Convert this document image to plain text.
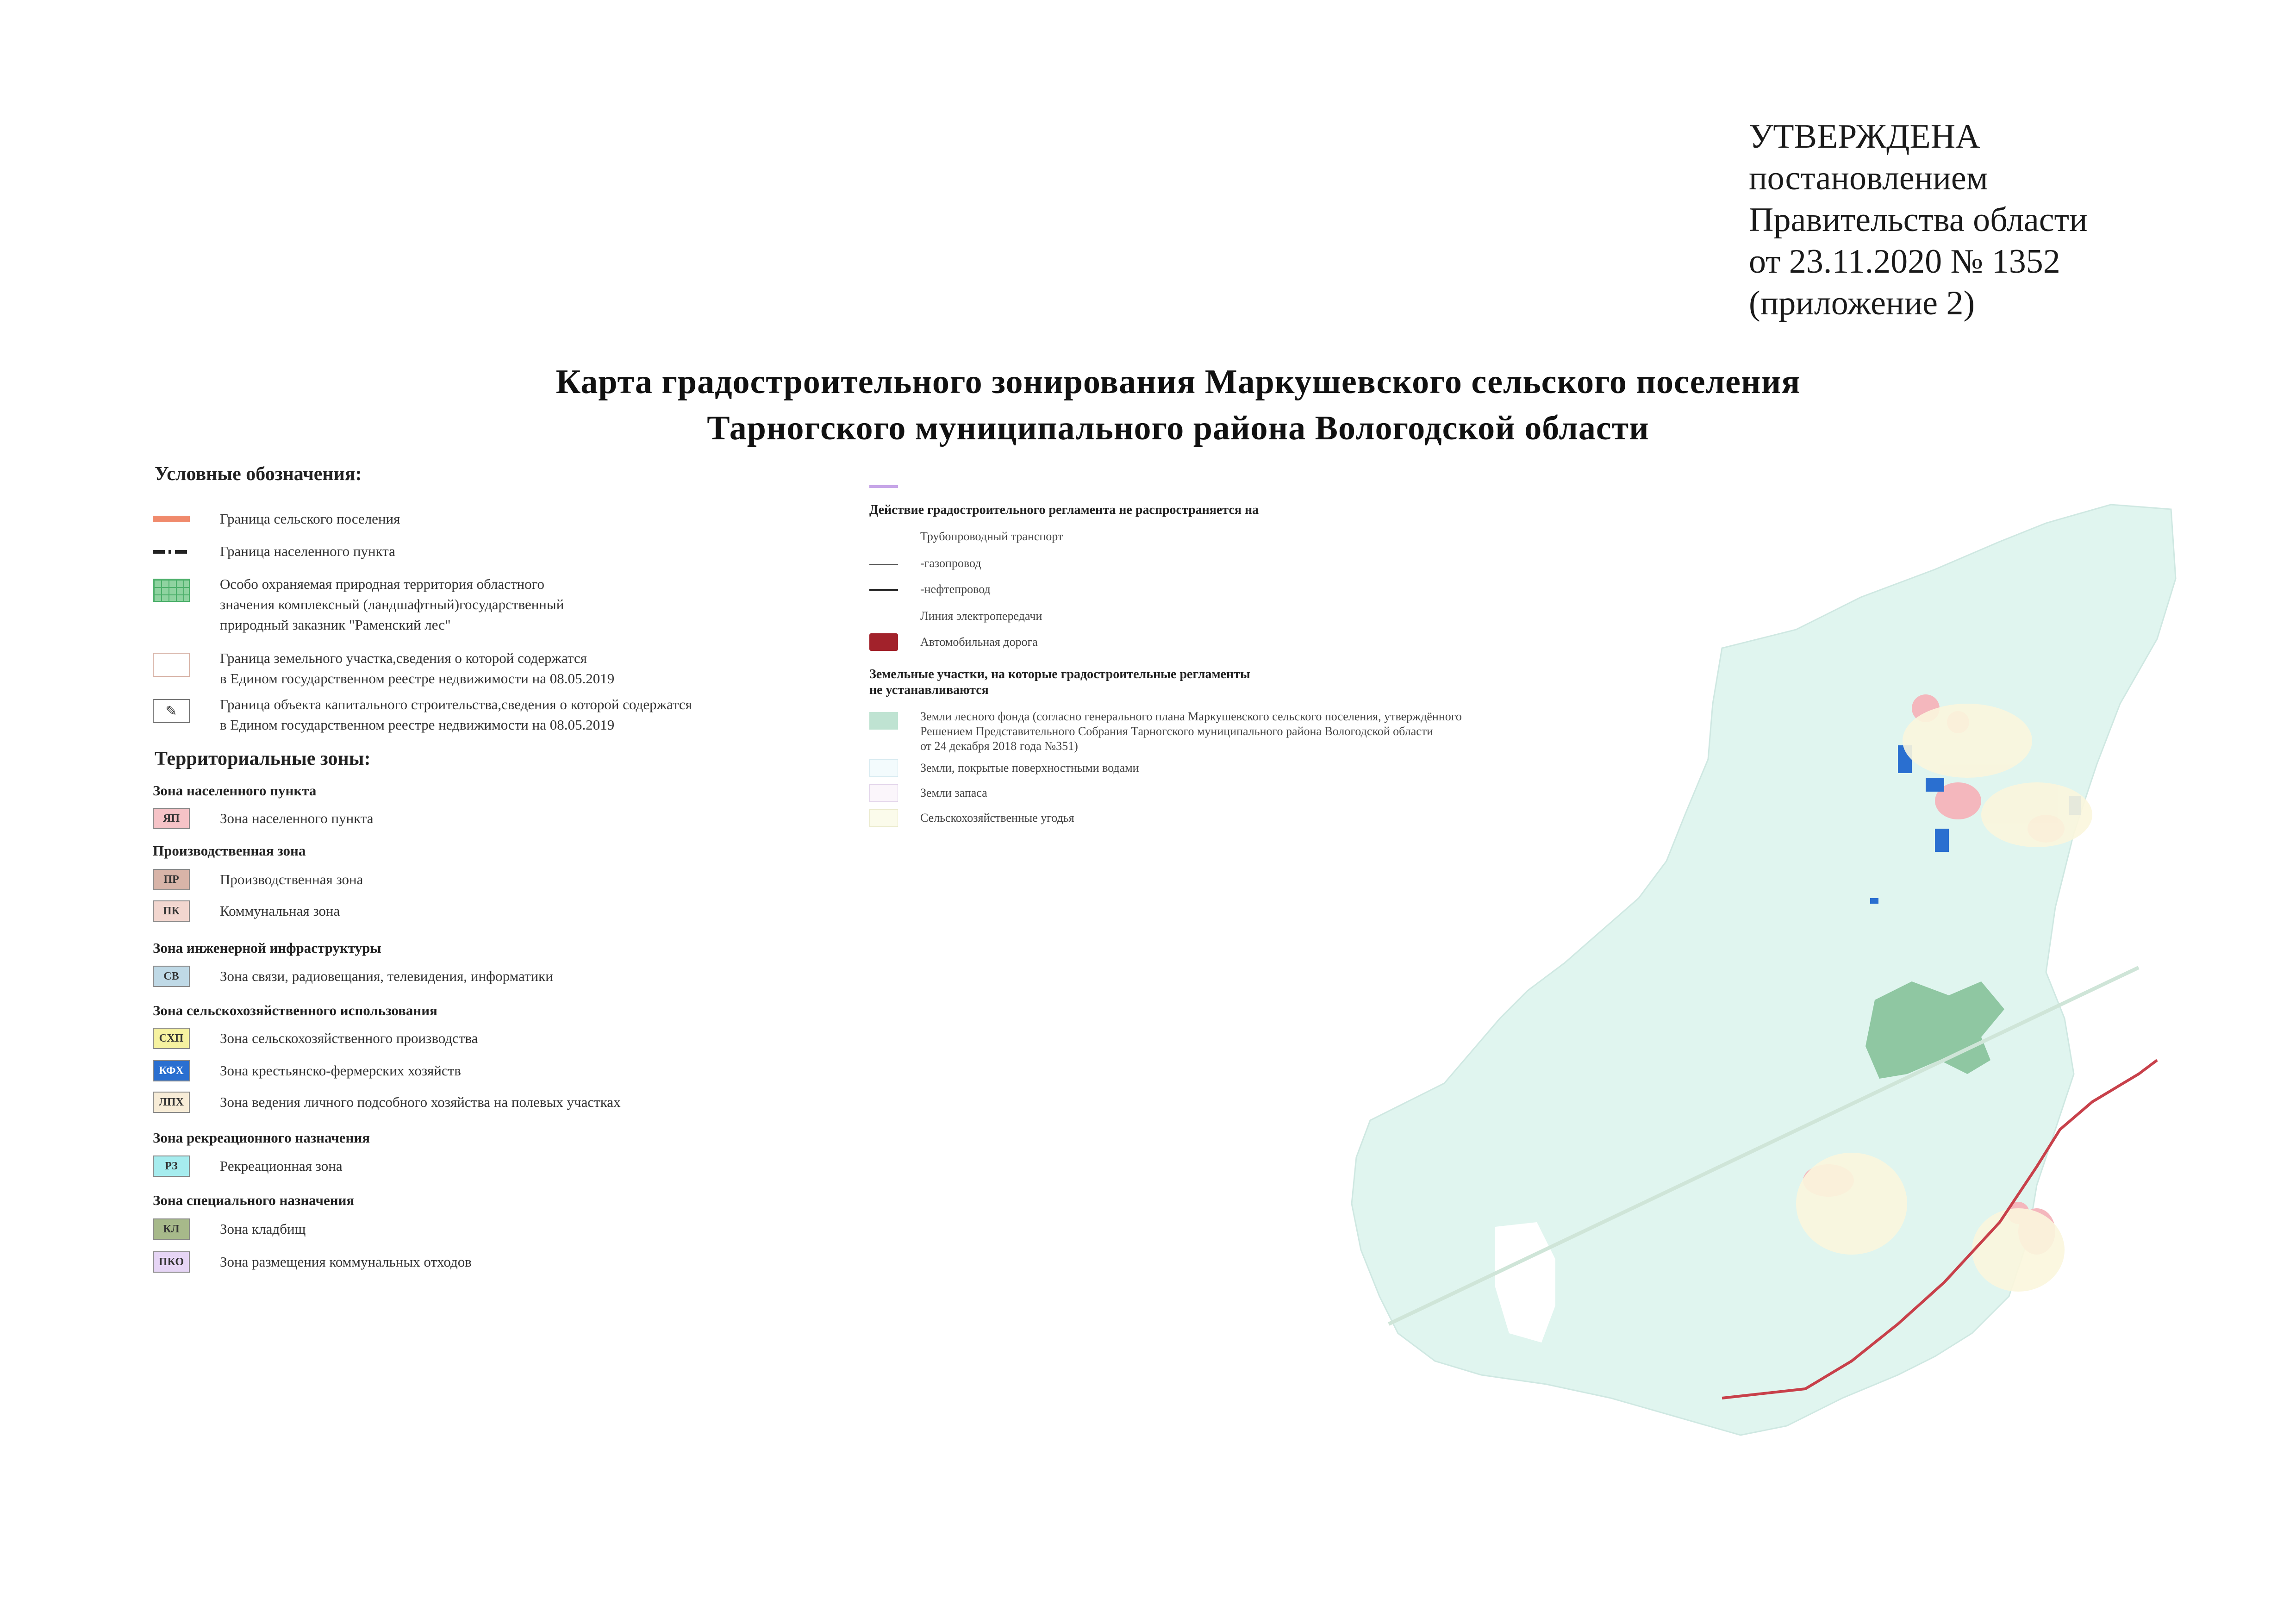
УТВЕРЖДЕНА
постановлением
Правительства области
от 23.11.2020 № 1352
(приложение 2)
Карта градостроительного зонирования Маркушевского сельского поселения
Тарногского муниципального района Вологодской области
Условные обозначения:
Граница сельского поселения
Граница населенного пункта
Особо охраняемая природная территория областного
значения комплексный (ландшафтный)государственный
природный заказник "Раменский лес"
Граница земельного участка,сведения о которой содержатся
в Едином государственном реестре недвижимости на 08.05.2019
✎	Граница объекта капитального строительства,сведения о которой содержатся
в Едином государственном реестре недвижимости на 08.05.2019
Территориальные зоны:
Зона населенного пункта
ЯП	Зона населенного пункта
Производственная зона
ПР	Производственная зона
ПК	Коммунальная зона
Зона инженерной инфраструктуры
СВ	Зона связи, радиовещания, телевидения, информатики
Зона сельскохозяйственного использования
СХП	Зона сельскохозяйственного производства
КФХ	Зона крестьянско-фермерских хозяйств
ЛПХ	Зона ведения личного подсобного хозяйства на полевых участках
Зона рекреационного назначения
РЗ	Рекреационная зона
Зона специального назначения
КЛ	Зона кладбищ
ПКО	Зона размещения коммунальных отходов
Действие градостроительного регламента не распространяется на
Трубопроводный транспорт
-газопровод
-нефтепровод
Линия электропередачи
Автомобильная дорога
Земельные участки, на которые градостроительные регламенты
не устанавливаются
Земли лесного фонда (согласно генерального плана Маркушевского сельского поселения, утверждённого
Решением Представительного Собрания Тарногского муниципального района Вологодской области
от 24 декабря 2018 года №351)
Земли, покрытые поверхностными водами
Земли запаса
Сельскохозяйственные угодья
